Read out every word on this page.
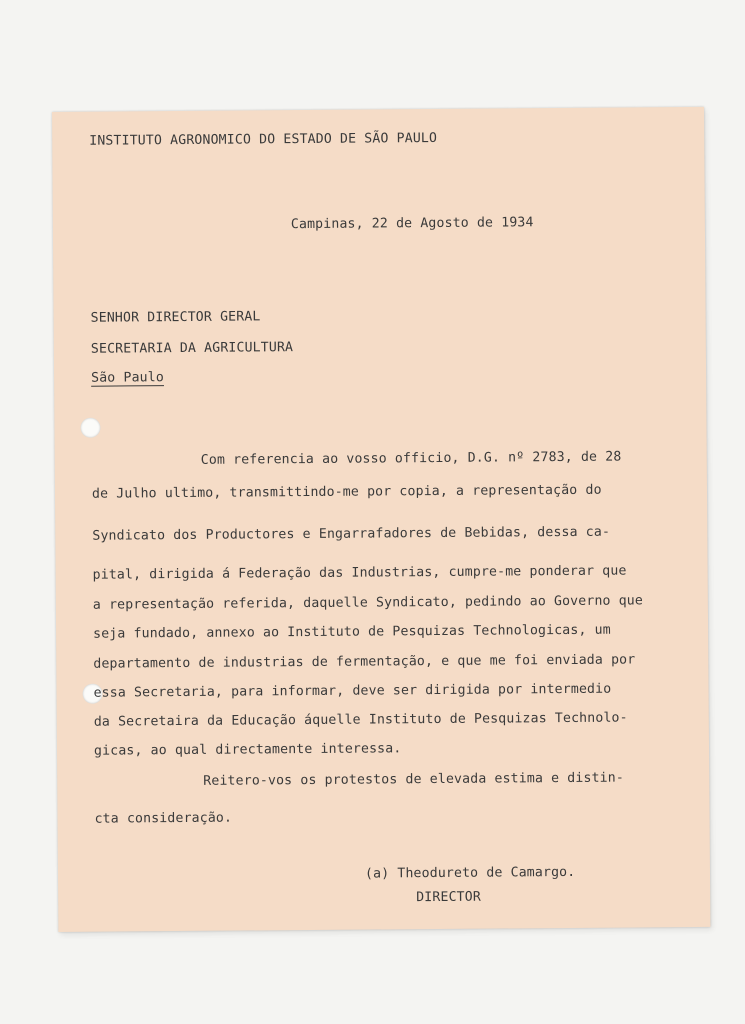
INSTITUTO AGRONOMICO DO ESTADO DE SÃO PAULO
Campinas, 22 de Agosto de 1934
SENHOR DIRECTOR GERAL
SECRETARIA DA AGRICULTURA
São Paulo
Com referencia ao vosso officio, D.G. nº 2783, de 28
de Julho ultimo, transmittindo-me por copia, a representação do
Syndicato dos Productores e Engarrafadores de Bebidas, dessa ca-
pital, dirigida á Federação das Industrias, cumpre-me ponderar que
a representação referida, daquelle Syndicato, pedindo ao Governo que
seja fundado, annexo ao Instituto de Pesquizas Technologicas, um
departamento de industrias de fermentação, e que me foi enviada por
essa Secretaria, para informar, deve ser dirigida por intermedio
da Secretaira da Educação áquelle Instituto de Pesquizas Technolo-
gicas, ao qual directamente interessa.
Reitero-vos os protestos de elevada estima e distin-
cta consideração.
(a) Theodureto de Camargo.
DIRECTOR
